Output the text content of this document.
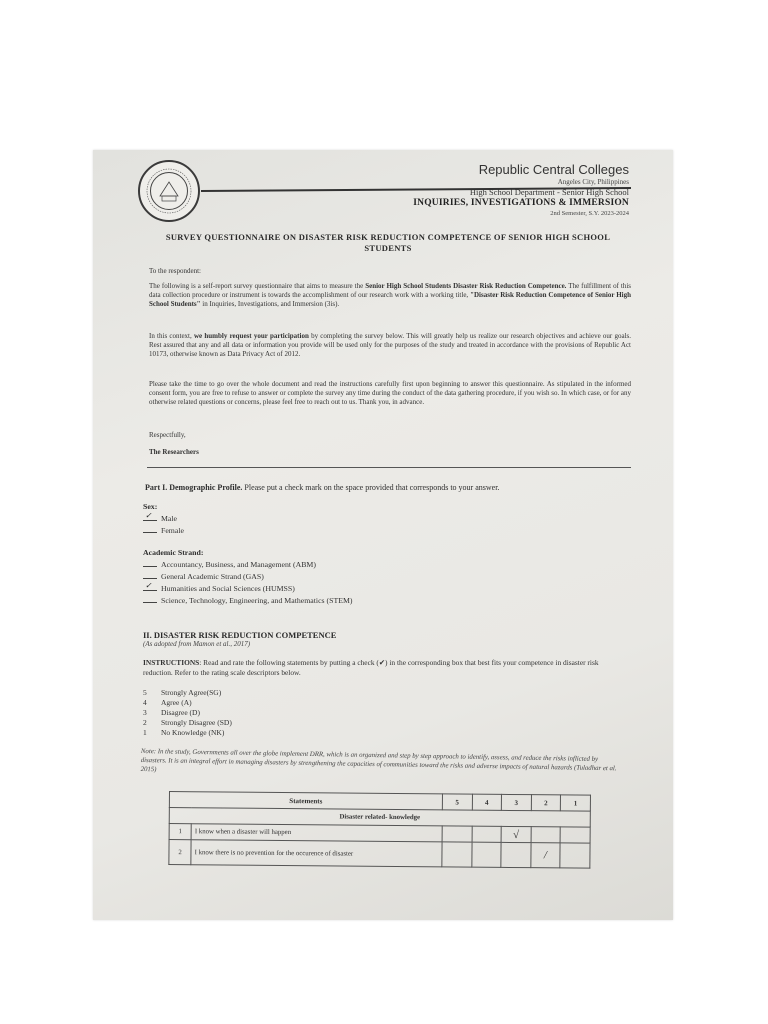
Republic Central Colleges
Angeles City, Philippines
High School Department - Senior High School
INQUIRIES, INVESTIGATIONS & IMMERSION
2nd Semester, S.Y. 2023-2024
SURVEY QUESTIONNAIRE ON DISASTER RISK REDUCTION COMPETENCE OF SENIOR HIGH SCHOOL STUDENTS
To the respondent:
The following is a self-report survey questionnaire that aims to measure the Senior High School Students Disaster Risk Reduction Competence. The fulfillment of this data collection procedure or instrument is towards the accomplishment of our research work with a working title, "Disaster Risk Reduction Competence of Senior High School Students" in Inquiries, Investigations, and Immersion (3is).
In this context, we humbly request your participation by completing the survey below. This will greatly help us realize our research objectives and achieve our goals. Rest assured that any and all data or information you provide will be used only for the purposes of the study and treated in accordance with the provisions of Republic Act 10173, otherwise known as Data Privacy Act of 2012.
Please take the time to go over the whole document and read the instructions carefully first upon beginning to answer this questionnaire. As stipulated in the informed consent form, you are free to refuse to answer or complete the survey any time during the conduct of the data gathering procedure, if you wish so. In which case, or for any otherwise related questions or concerns, please feel free to reach out to us. Thank you, in advance.
Respectfully,
The Researchers
Part I. Demographic Profile. Please put a check mark on the space provided that corresponds to your answer.
Sex:
✓ Male
Female
Academic Strand:
Accountancy, Business, and Management (ABM)
General Academic Strand (GAS)
✓ Humanities and Social Sciences (HUMSS)
Science, Technology, Engineering, and Mathematics (STEM)
II. DISASTER RISK REDUCTION COMPETENCE
(As adopted from Mamon et al., 2017)
INSTRUCTIONS: Read and rate the following statements by putting a check (✔) in the corresponding box that best fits your competence in disaster risk reduction. Refer to the rating scale descriptors below.
5 Strongly Agree(SG)
4 Agree (A)
3 Disagree (D)
2 Strongly Disagree (SD)
1 No Knowledge (NK)
Note: In the study, Governments all over the globe implement DRR, which is an organized and step by step approach to identify, assess, and reduce the risks inflicted by disasters. It is an integral effort in managing disasters by strengthening the capacities of communities toward the risks and adverse impacts of natural hazards (Tuladhar et al. 2015)
Statements		5	4	3	2	1
Disaster related- knowledge						
1	I know when a disaster will happen			√		
2	I know there is no prevention for the occurence of disaster				/	
